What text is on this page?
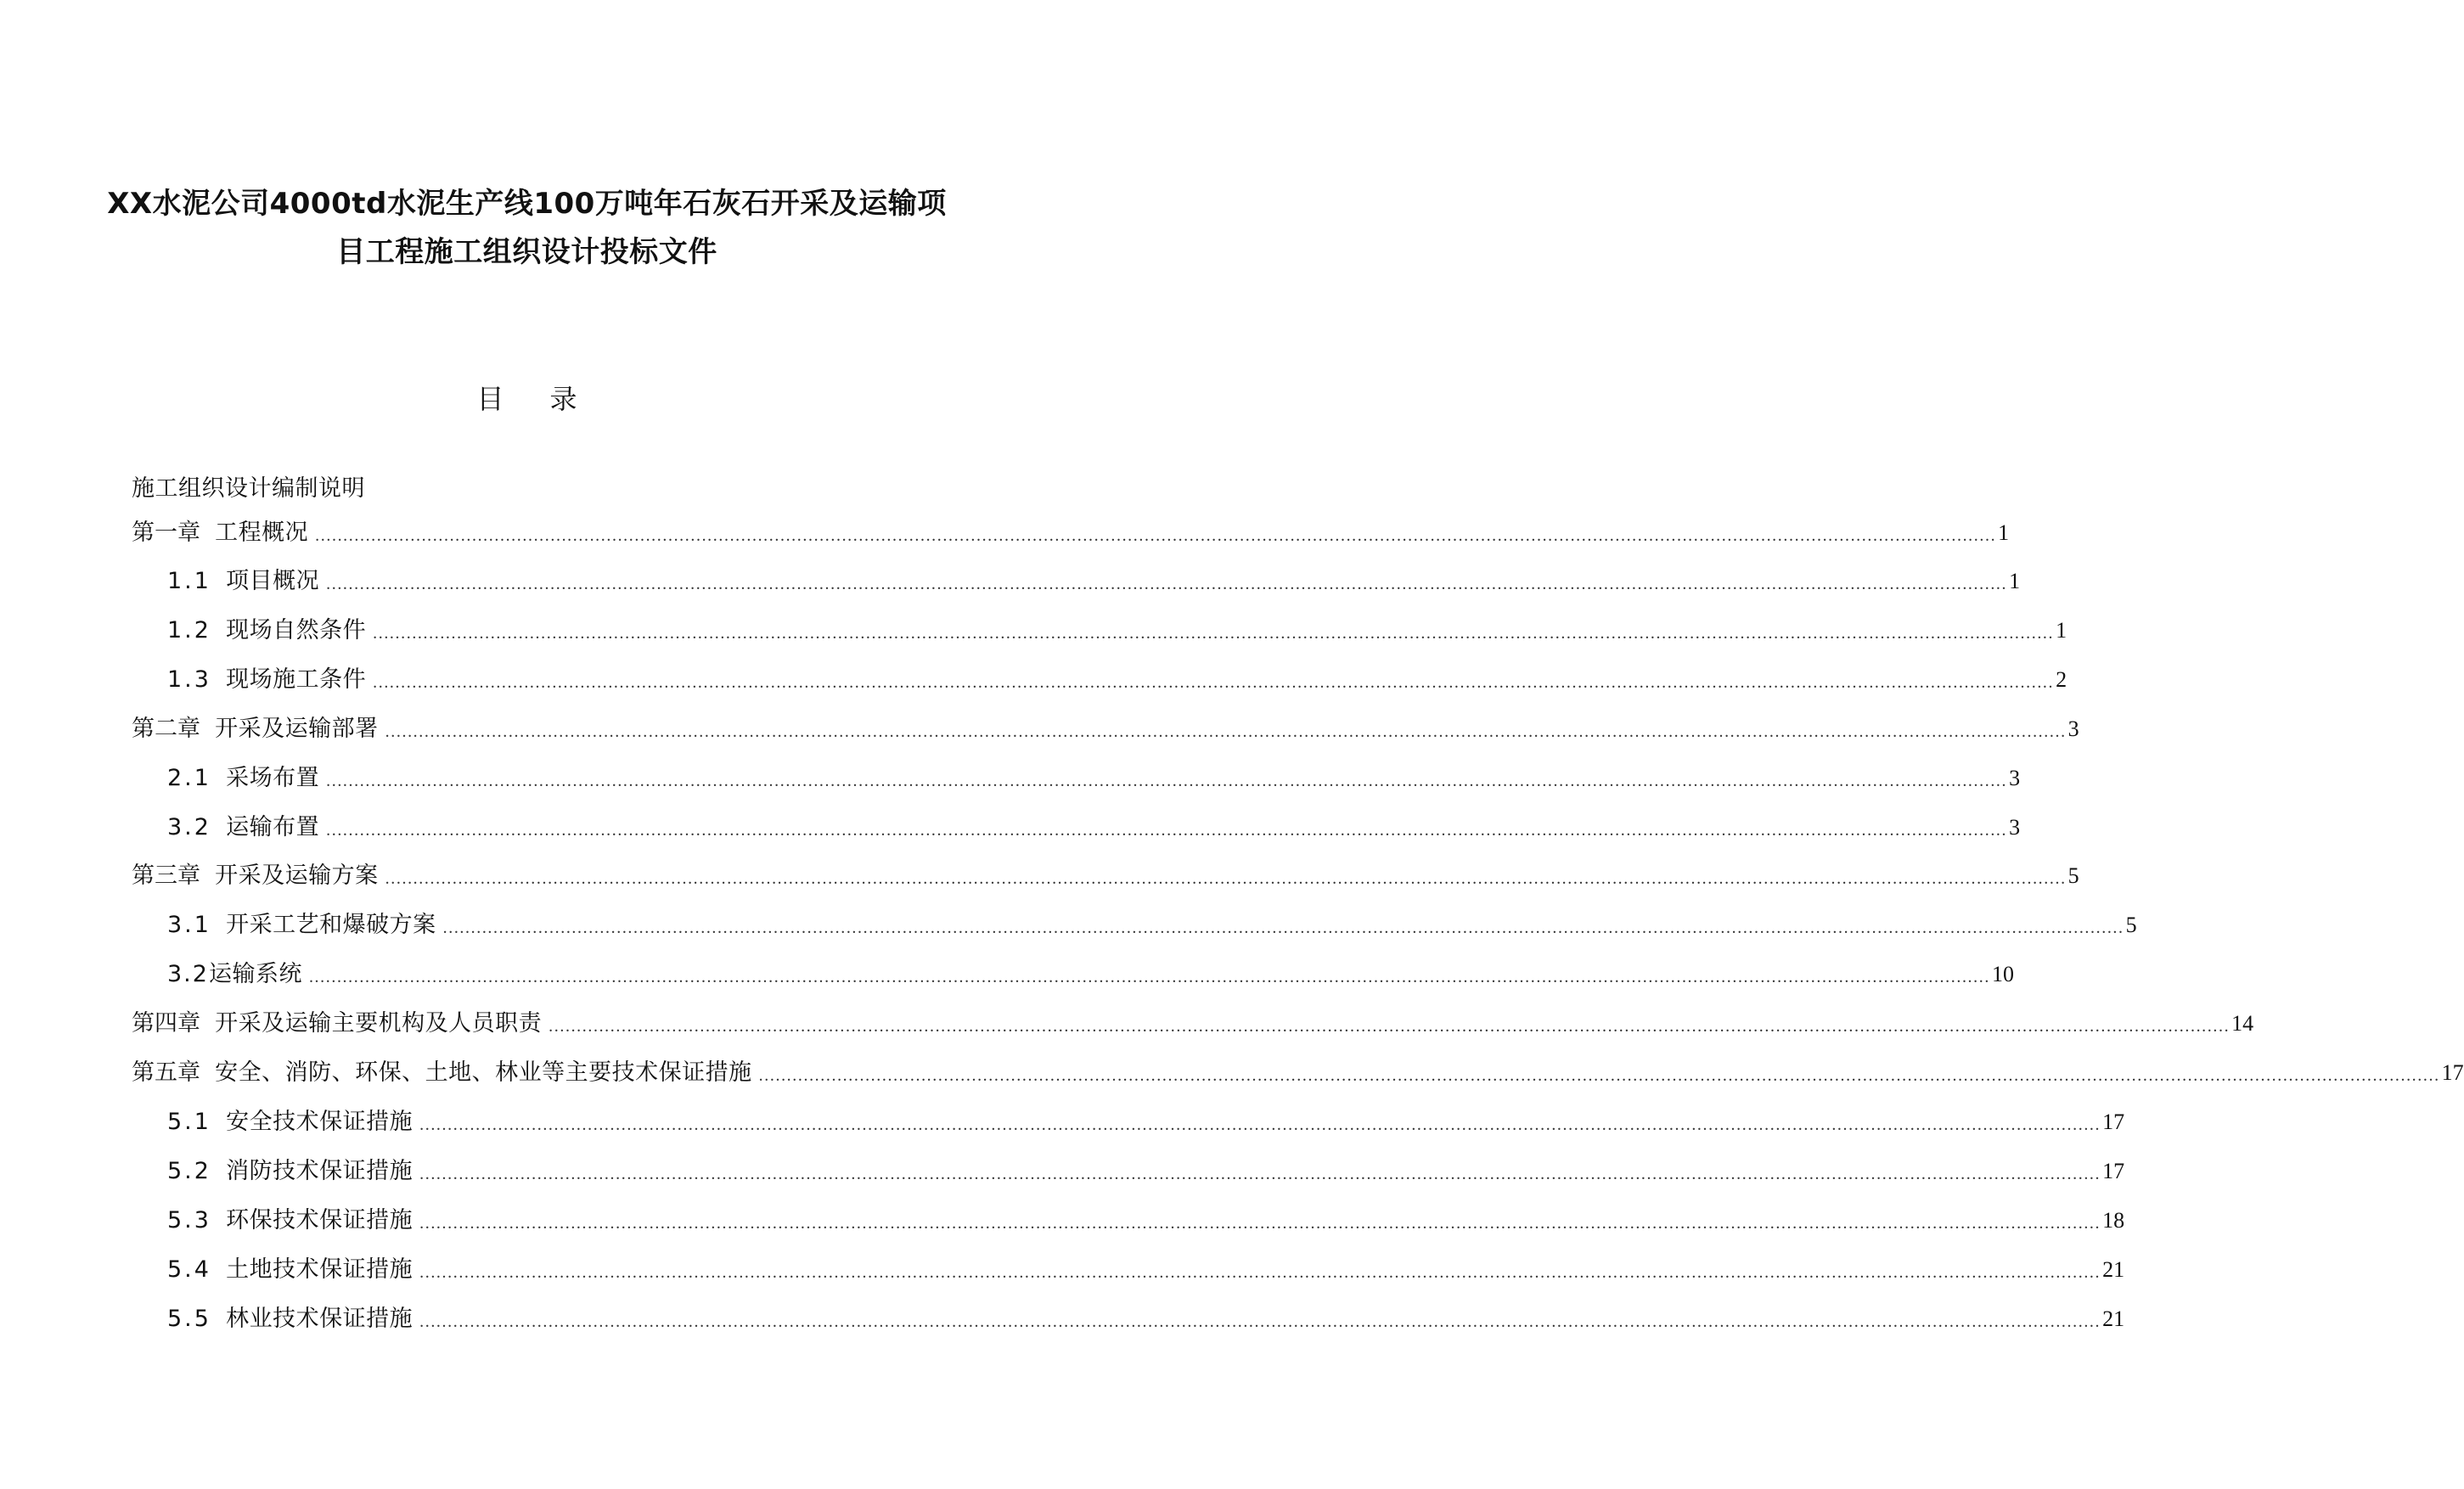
XX水泥公司4000td水泥生产线100万吨年石灰石开采及运输项
目工程施工组织设计投标文件
目 录
施工组织设计编制说明
第一章 工程概况 ............................................................................................................................................................................................................................................................................................................ 1
1.1 项目概况 ............................................................................................................................................................................................................................................................................................................ 1
1.2 现场自然条件 ............................................................................................................................................................................................................................................................................................................ 1
1.3 现场施工条件 ............................................................................................................................................................................................................................................................................................................ 2
第二章 开采及运输部署 ............................................................................................................................................................................................................................................................................................................ 3
2.1 采场布置 ............................................................................................................................................................................................................................................................................................................ 3
3.2 运输布置 ............................................................................................................................................................................................................................................................................................................ 3
第三章 开采及运输方案 ............................................................................................................................................................................................................................................................................................................ 5
3.1 开采工艺和爆破方案 ............................................................................................................................................................................................................................................................................................................ 5
3.2运输系统 ............................................................................................................................................................................................................................................................................................................ 10
第四章 开采及运输主要机构及人员职责 ............................................................................................................................................................................................................................................................................................................ 14
第五章 安全、消防、环保、土地、林业等主要技术保证措施 ............................................................................................................................................................................................................................................................................................................ 17
5.1 安全技术保证措施 ............................................................................................................................................................................................................................................................................................................ 17
5.2 消防技术保证措施 ............................................................................................................................................................................................................................................................................................................ 17
5.3 环保技术保证措施 ............................................................................................................................................................................................................................................................................................................ 18
5.4 土地技术保证措施 ............................................................................................................................................................................................................................................................................................................ 21
5.5 林业技术保证措施 ............................................................................................................................................................................................................................................................................................................ 21
